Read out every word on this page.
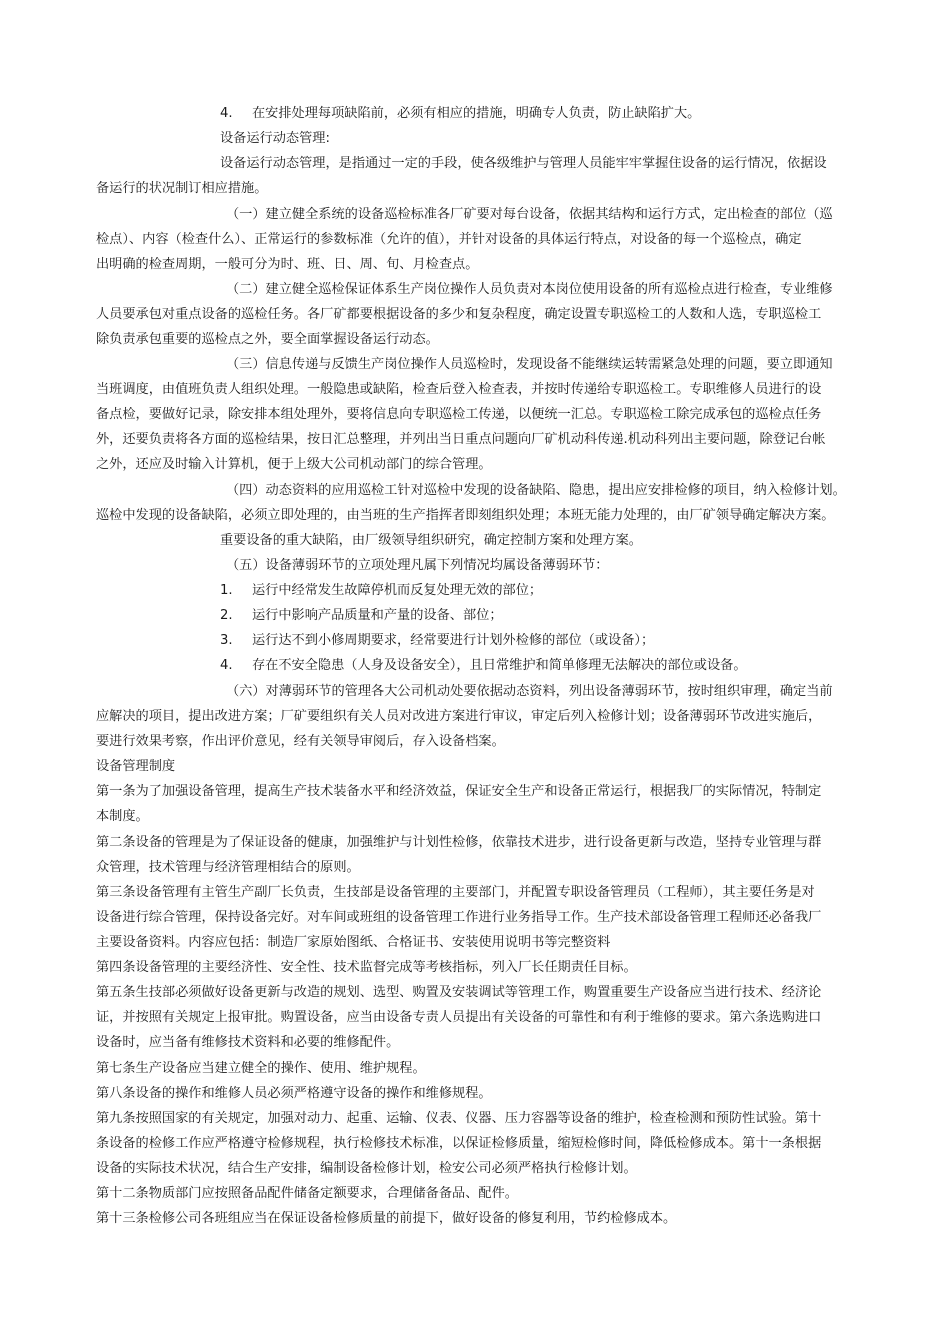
4. 在安排处理每项缺陷前，必须有相应的措施，明确专人负责，防止缺陷扩大。
设备运行动态管理:
设备运行动态管理，是指通过一定的手段，使各级维护与管理人员能牢牢掌握住设备的运行情况，依据设
备运行的状况制订相应措施。
（一）建立健全系统的设备巡检标准各厂矿要对每台设备，依据其结构和运行方式，定出检查的部位（巡
检点）、内容（检查什么）、正常运行的参数标准（允许的值），并针对设备的具体运行特点，对设备的每一个巡检点，确定
出明确的检查周期，一般可分为时、班、日、周、旬、月检查点。
（二）建立健全巡检保证体系生产岗位操作人员负责对本岗位使用设备的所有巡检点进行检查，专业维修
人员要承包对重点设备的巡检任务。各厂矿都要根据设备的多少和复杂程度，确定设置专职巡检工的人数和人选，专职巡检工
除负责承包重要的巡检点之外，要全面掌握设备运行动态。
（三）信息传递与反馈生产岗位操作人员巡检时，发现设备不能继续运转需紧急处理的问题，要立即通知
当班调度，由值班负责人组织处理。一般隐患或缺陷，检查后登入检查表，并按时传递给专职巡检工。专职维修人员进行的设
备点检，要做好记录，除安排本组处理外，要将信息向专职巡检工传递，以便统一汇总。专职巡检工除完成承包的巡检点任务
外，还要负责将各方面的巡检结果，按日汇总整理，并列出当日重点问题向厂矿机动科传递.机动科列出主要问题，除登记台帐
之外，还应及时输入计算机，便于上级大公司机动部门的综合管理。
（四）动态资料的应用巡检工针对巡检中发现的设备缺陷、隐患，提出应安排检修的项目，纳入检修计划。
巡检中发现的设备缺陷，必须立即处理的，由当班的生产指挥者即刻组织处理；本班无能力处理的，由厂矿领导确定解决方案。
重要设备的重大缺陷，由厂级领导组织研究，确定控制方案和处理方案。
（五）设备薄弱环节的立项处理凡属下列情况均属设备薄弱环节：
1. 运行中经常发生故障停机而反复处理无效的部位；
2. 运行中影响产品质量和产量的设备、部位；
3. 运行达不到小修周期要求，经常要进行计划外检修的部位（或设备）；
4. 存在不安全隐患（人身及设备安全），且日常维护和简单修理无法解决的部位或设备。
（六）对薄弱环节的管理各大公司机动处要依据动态资料，列出设备薄弱环节，按时组织审理，确定当前
应解决的项目，提出改进方案；厂矿要组织有关人员对改进方案进行审议，审定后列入检修计划；设备薄弱环节改进实施后，
要进行效果考察，作出评价意见，经有关领导审阅后，存入设备档案。
设备管理制度
第一条为了加强设备管理，提高生产技术装备水平和经济效益，保证安全生产和设备正常运行，根据我厂的实际情况，特制定
本制度。
第二条设备的管理是为了保证设备的健康，加强维护与计划性检修，依靠技术进步，进行设备更新与改造，坚持专业管理与群
众管理，技术管理与经济管理相结合的原则。
第三条设备管理有主管生产副厂长负责，生技部是设备管理的主要部门，并配置专职设备管理员（工程师），其主要任务是对
设备进行综合管理，保持设备完好。对车间或班组的设备管理工作进行业务指导工作。生产技术部设备管理工程师还必备我厂
主要设备资料。内容应包括：制造厂家原始图纸、合格证书、安装使用说明书等完整资料
第四条设备管理的主要经济性、安全性、技术监督完成等考核指标，列入厂长任期责任目标。
第五条生技部必须做好设备更新与改造的规划、选型、购置及安装调试等管理工作，购置重要生产设备应当进行技术、经济论
证，并按照有关规定上报审批。购置设备，应当由设备专责人员提出有关设备的可靠性和有利于维修的要求。第六条选购进口
设备时，应当备有维修技术资料和必要的维修配件。
第七条生产设备应当建立健全的操作、使用、维护规程。
第八条设备的操作和维修人员必须严格遵守设备的操作和维修规程。
第九条按照国家的有关规定，加强对动力、起重、运输、仪表、仪器、压力容器等设备的维护，检查检测和预防性试验。第十
条设备的检修工作应严格遵守检修规程，执行检修技术标准，以保证检修质量，缩短检修时间，降低检修成本。第十一条根据
设备的实际技术状况，结合生产安排，编制设备检修计划，检安公司必须严格执行检修计划。
第十二条物质部门应按照备品配件储备定额要求，合理储备备品、配件。
第十三条检修公司各班组应当在保证设备检修质量的前提下，做好设备的修复利用，节约检修成本。
